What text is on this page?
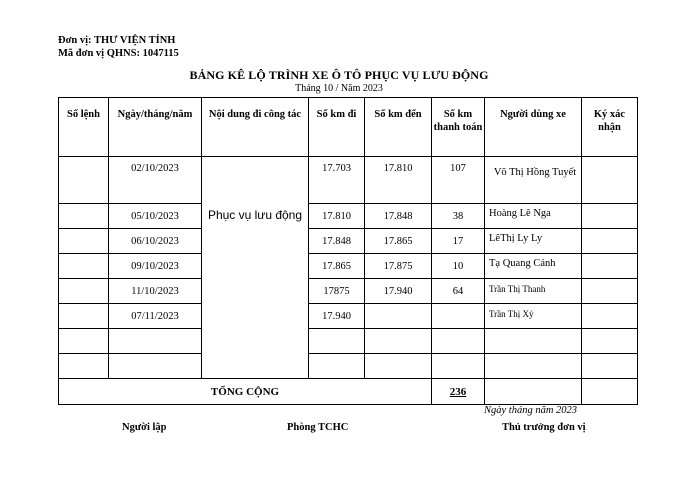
Đơn vị: THƯ VIỆN TỈNH
Mã đơn vị QHNS: 1047115
BẢNG KÊ LỘ TRÌNH XE Ô TÔ PHỤC VỤ LƯU ĐỘNG
Tháng 10 / Năm 2023
Số lệnh	Ngày/tháng/năm	Nội dung đi công tác	Số km đi	Số km đến	Số km thanh toán	Người dùng xe	Ký xác nhận
	02/10/2023	Phục vụ lưu động	17.703	17.810	107	Võ Thị Hồng Tuyết	
	05/10/2023		17.810	17.848	38	Hoàng Lê Nga	
	06/10/2023		17.848	17.865	17	LêThị Ly Ly	
	09/10/2023		17.865	17.875	10	Tạ Quang Cảnh	
	11/10/2023		17875	17.940	64	Trần Thị Thanh	
	07/11/2023		17.940			Trần Thị Xý	

TỔNG CỘNG					236		
Ngày tháng năm 2023
Người lập	Phòng TCHC	Thủ trưởng đơn vị
